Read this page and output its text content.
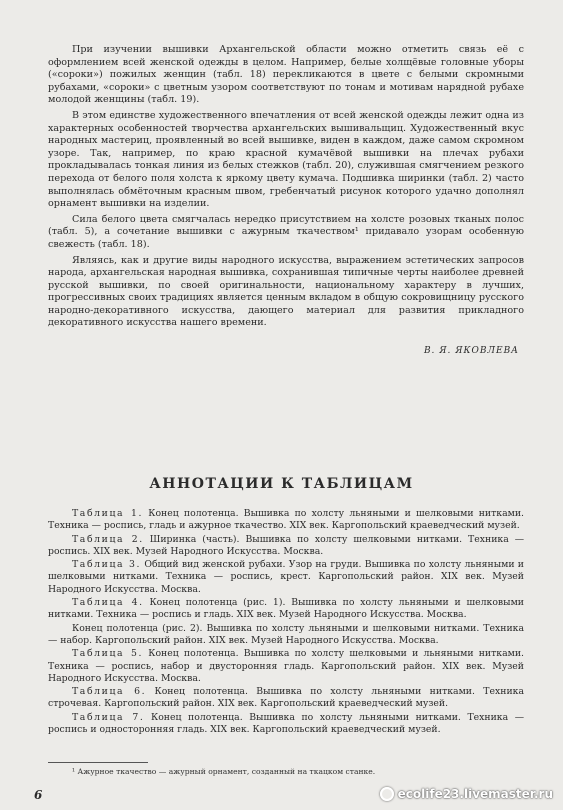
При изучении вышивки Архангельской области можно отметить связь её с оформлением всей женской одежды в целом. Например, белые холщёвые головные уборы («сороки») пожилых женщин (табл. 18) перекликаются в цвете с белыми скромными рубахами, «сороки» с цветным узором соответствуют по тонам и мотивам нарядной рубахе молодой женщины (табл. 19).

В этом единстве художественного впечатления от всей женской одежды лежит одна из характерных особенностей творчества архангельских вышивальщиц. Художественный вкус народных мастериц, проявленный во всей вышивке, виден в каждом, даже самом скромном узоре. Так, например, по краю красной кумачёвой вышивки на плечах рубахи прокладывалась тонкая линия из белых стежков (табл. 20), служившая смягчением резкого перехода от белого поля холста к яркому цвету кумача. Подшивка ширинки (табл. 2) часто выполнялась обмёточным красным швом, гребенчатый рисунок которого удачно дополнял орнамент вышивки на изделии.

Сила белого цвета смягчалась нередко присутствием на холсте розовых тканых полос (табл. 5), а сочетание вышивки с ажурным ткачеством¹ придавало узорам особенную свежесть (табл. 18).

Являясь, как и другие виды народного искусства, выражением эстетических запросов народа, архангельская народная вышивка, сохранившая типичные черты наиболее древней русской вышивки, по своей оригинальности, национальному характеру в лучших, прогрессивных своих традициях является ценным вкладом в общую сокровищницу русского народно-декоративного искусства, дающего материал для развития прикладного декоративного искусства нашего времени.

В. Я. ЯКОВЛЕВА
АННОТАЦИИ К ТАБЛИЦАМ

Таблица 1. Конец полотенца. Вышивка по холсту льняными и шелковыми нитками. Техника — роспись, гладь и ажурное ткачество. XIX век. Каргопольский краеведческий музей.

Таблица 2. Ширинка (часть). Вышивка по холсту шелковыми нитками. Техника — роспись. XIX век. Музей Народного Искусства. Москва.

Таблица 3. Общий вид женской рубахи. Узор на груди. Вышивка по холсту льняными и шелковыми нитками. Техника — роспись, крест. Каргопольский район. XIX век. Музей Народного Искусства. Москва.

Таблица 4. Конец полотенца (рис. 1). Вышивка по холсту льняными и шелковыми нитками. Техника — роспись и гладь. XIX век. Музей Народного Искусства. Москва.

Конец полотенца (рис. 2). Вышивка по холсту льняными и шелковыми нитками. Техника — набор. Каргопольский район. XIX век. Музей Народного Искусства. Москва.

Таблица 5. Конец полотенца. Вышивка по холсту шелковыми и льняными нитками. Техника — роспись, набор и двусторонняя гладь. Каргопольский район. XIX век. Музей Народного Искусства. Москва.

Таблица 6. Конец полотенца. Вышивка по холсту льняными нитками. Техника строчевая. Каргопольский район. XIX век. Каргопольский краеведческий музей.

Таблица 7. Конец полотенца. Вышивка по холсту льняными нитками. Техника — роспись и односторонняя гладь. XIX век. Каргопольский краеведческий музей.

¹ Ажурное ткачество — ажурный орнамент, созданный на ткацком станке.
6	ecolife23.livemaster.ru
